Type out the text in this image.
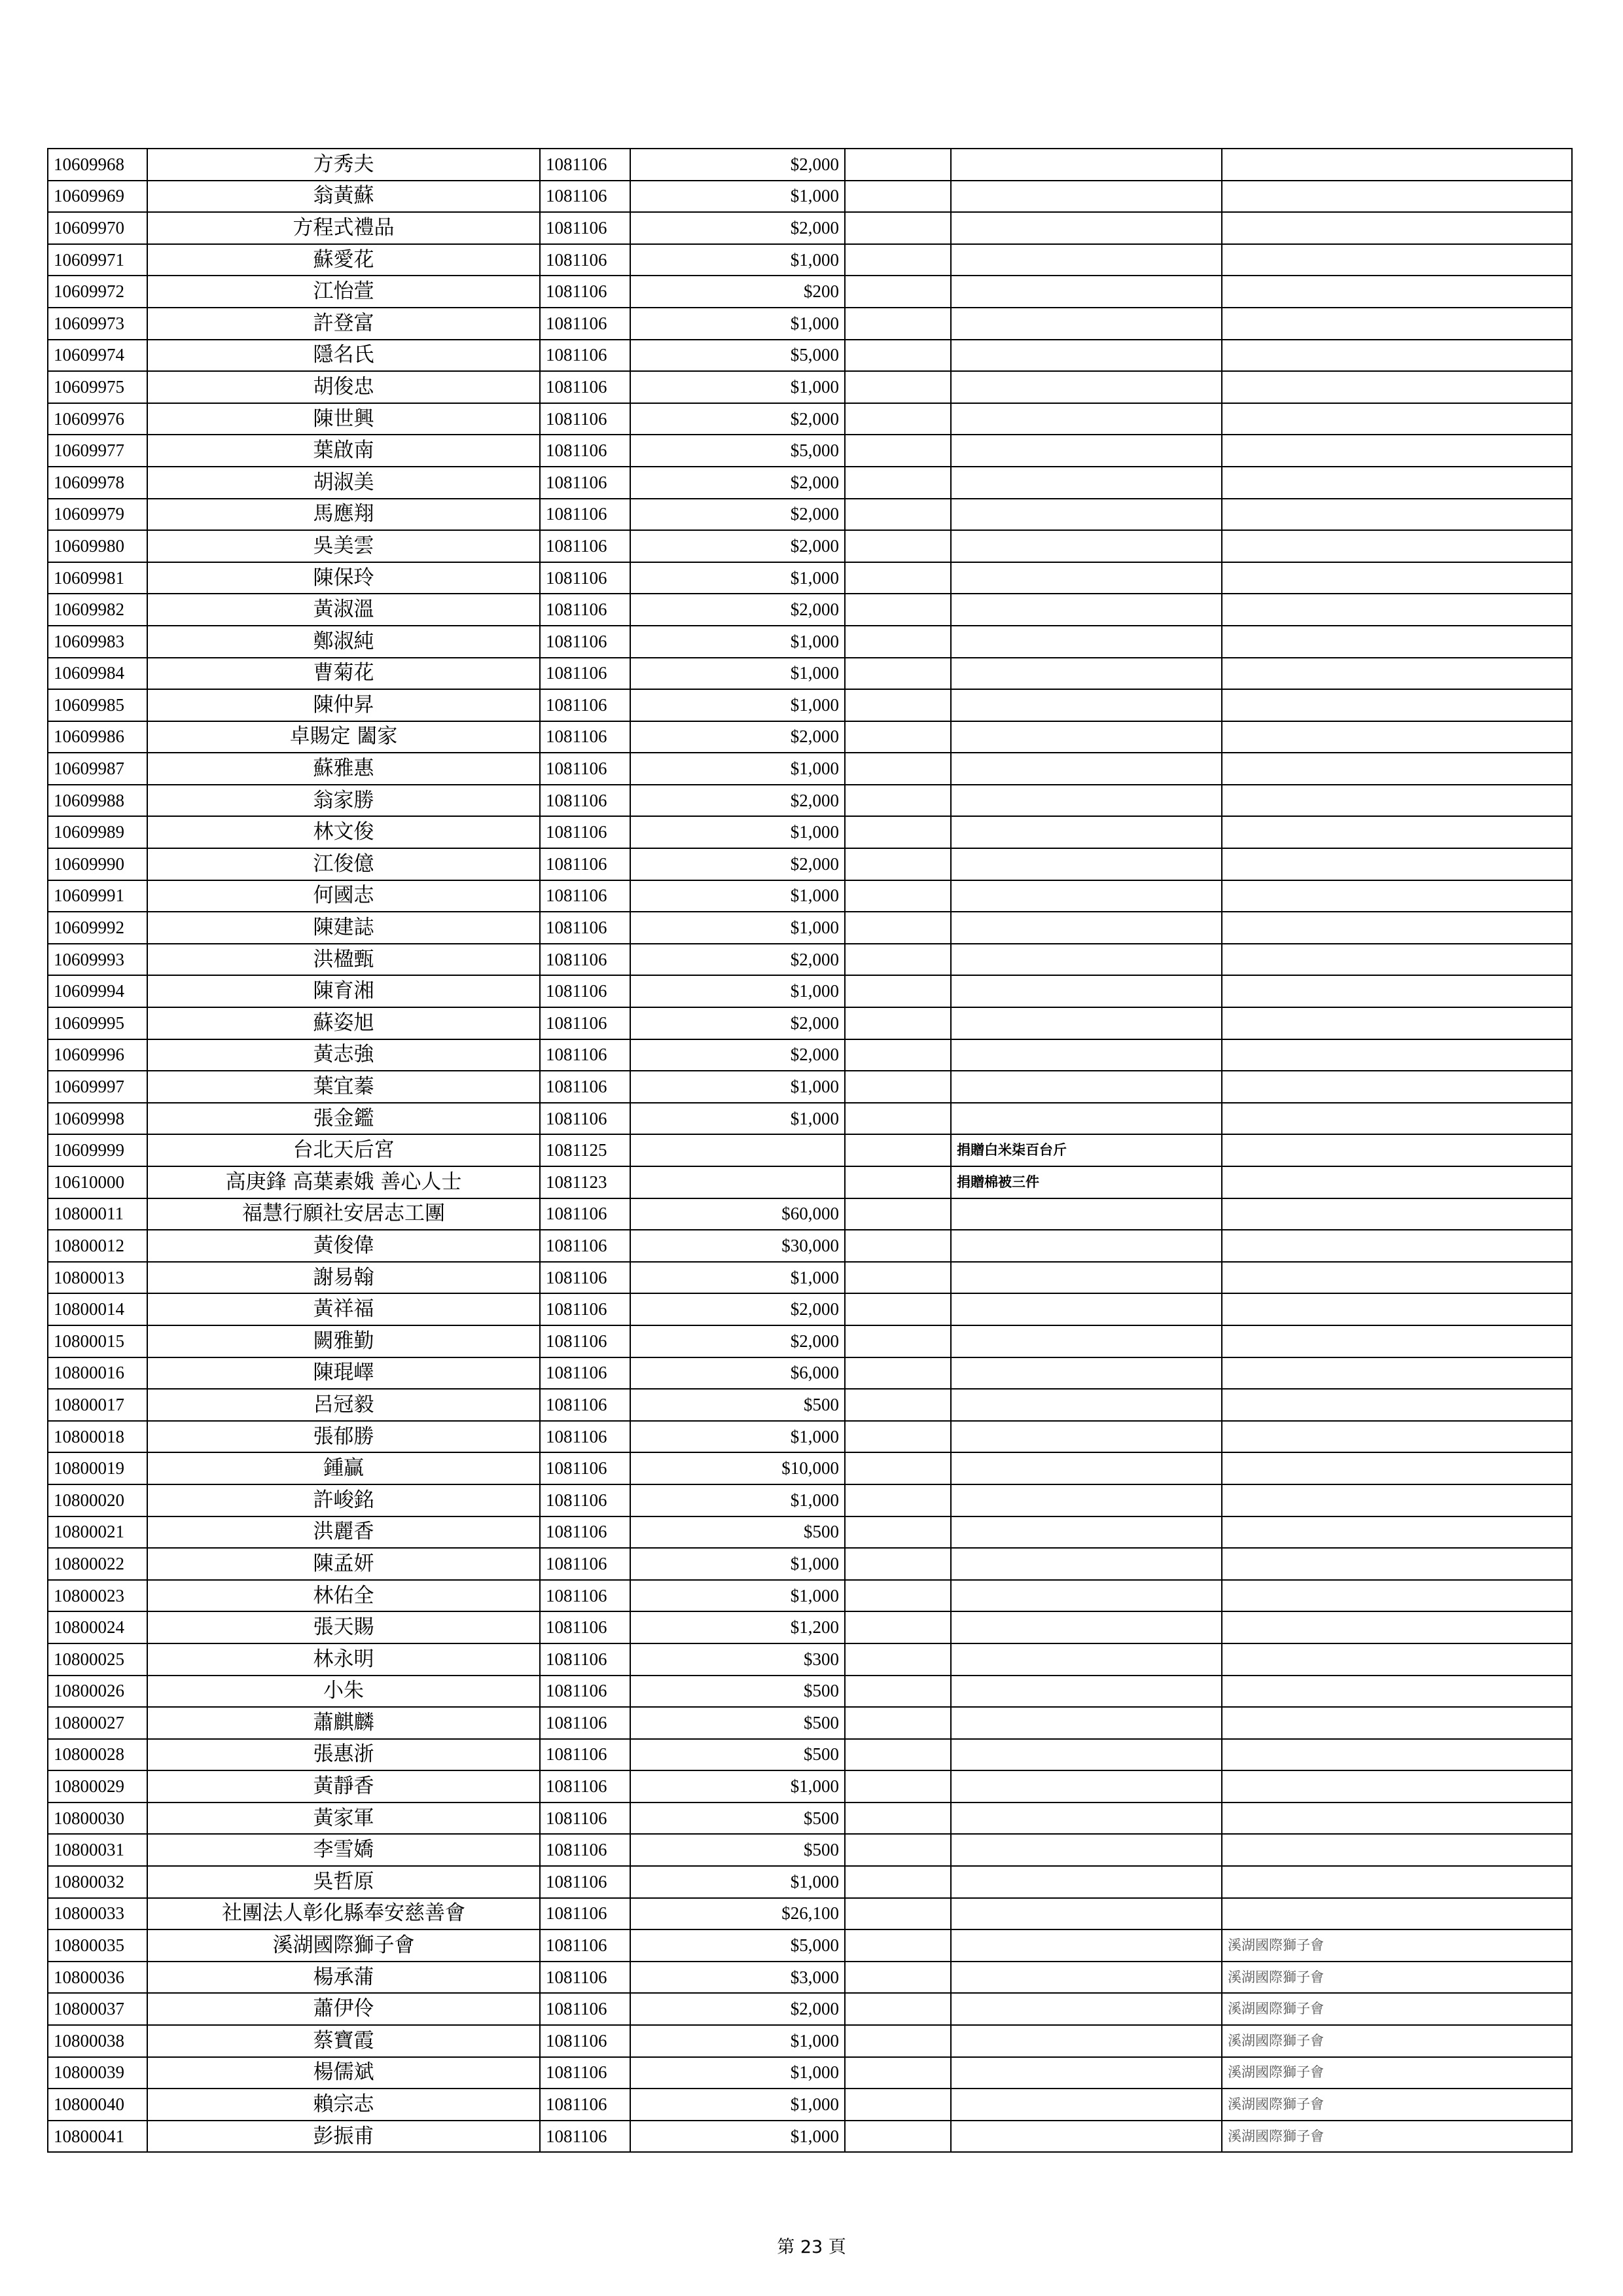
10609968	方秀夫	1081106	$2,000			
10609969	翁黃蘇	1081106	$1,000			
10609970	方程式禮品	1081106	$2,000			
10609971	蘇愛花	1081106	$1,000			
10609972	江怡萱	1081106	$200			
10609973	許登富	1081106	$1,000			
10609974	隱名氏	1081106	$5,000			
10609975	胡俊忠	1081106	$1,000			
10609976	陳世興	1081106	$2,000			
10609977	葉啟南	1081106	$5,000			
10609978	胡淑美	1081106	$2,000			
10609979	馬應翔	1081106	$2,000			
10609980	吳美雲	1081106	$2,000			
10609981	陳保玲	1081106	$1,000			
10609982	黃淑溫	1081106	$2,000			
10609983	鄭淑純	1081106	$1,000			
10609984	曹菊花	1081106	$1,000			
10609985	陳仲昇	1081106	$1,000			
10609986	卓賜定 闔家	1081106	$2,000			
10609987	蘇雅惠	1081106	$1,000			
10609988	翁家勝	1081106	$2,000			
10609989	林文俊	1081106	$1,000			
10609990	江俊億	1081106	$2,000			
10609991	何國志	1081106	$1,000			
10609992	陳建誌	1081106	$1,000			
10609993	洪楹甄	1081106	$2,000			
10609994	陳育湘	1081106	$1,000			
10609995	蘇姿旭	1081106	$2,000			
10609996	黃志強	1081106	$2,000			
10609997	葉宜蓁	1081106	$1,000			
10609998	張金鑑	1081106	$1,000			
10609999	台北天后宮	1081125			捐贈白米柒百台斤	
10610000	高庚鋒 高葉素娥 善心人士	1081123			捐贈棉被三件	
10800011	福慧行願社安居志工團	1081106	$60,000			
10800012	黃俊偉	1081106	$30,000			
10800013	謝易翰	1081106	$1,000			
10800014	黃祥福	1081106	$2,000			
10800015	闕雅勤	1081106	$2,000			
10800016	陳琨嶧	1081106	$6,000			
10800017	呂冠毅	1081106	$500			
10800018	張郁勝	1081106	$1,000			
10800019	鍾贏	1081106	$10,000			
10800020	許峻銘	1081106	$1,000			
10800021	洪麗香	1081106	$500			
10800022	陳孟妍	1081106	$1,000			
10800023	林佑全	1081106	$1,000			
10800024	張天賜	1081106	$1,200			
10800025	林永明	1081106	$300			
10800026	小朱	1081106	$500			
10800027	蕭麒麟	1081106	$500			
10800028	張惠浙	1081106	$500			
10800029	黃靜香	1081106	$1,000			
10800030	黃家軍	1081106	$500			
10800031	李雪嬌	1081106	$500			
10800032	吳哲原	1081106	$1,000			
10800033	社團法人彰化縣奉安慈善會	1081106	$26,100			
10800035	溪湖國際獅子會	1081106	$5,000			溪湖國際獅子會
10800036	楊承蒲	1081106	$3,000			溪湖國際獅子會
10800037	蕭伊伶	1081106	$2,000			溪湖國際獅子會
10800038	蔡寶霞	1081106	$1,000			溪湖國際獅子會
10800039	楊儒斌	1081106	$1,000			溪湖國際獅子會
10800040	賴宗志	1081106	$1,000			溪湖國際獅子會
10800041	彭振甫	1081106	$1,000			溪湖國際獅子會
第 23 頁
